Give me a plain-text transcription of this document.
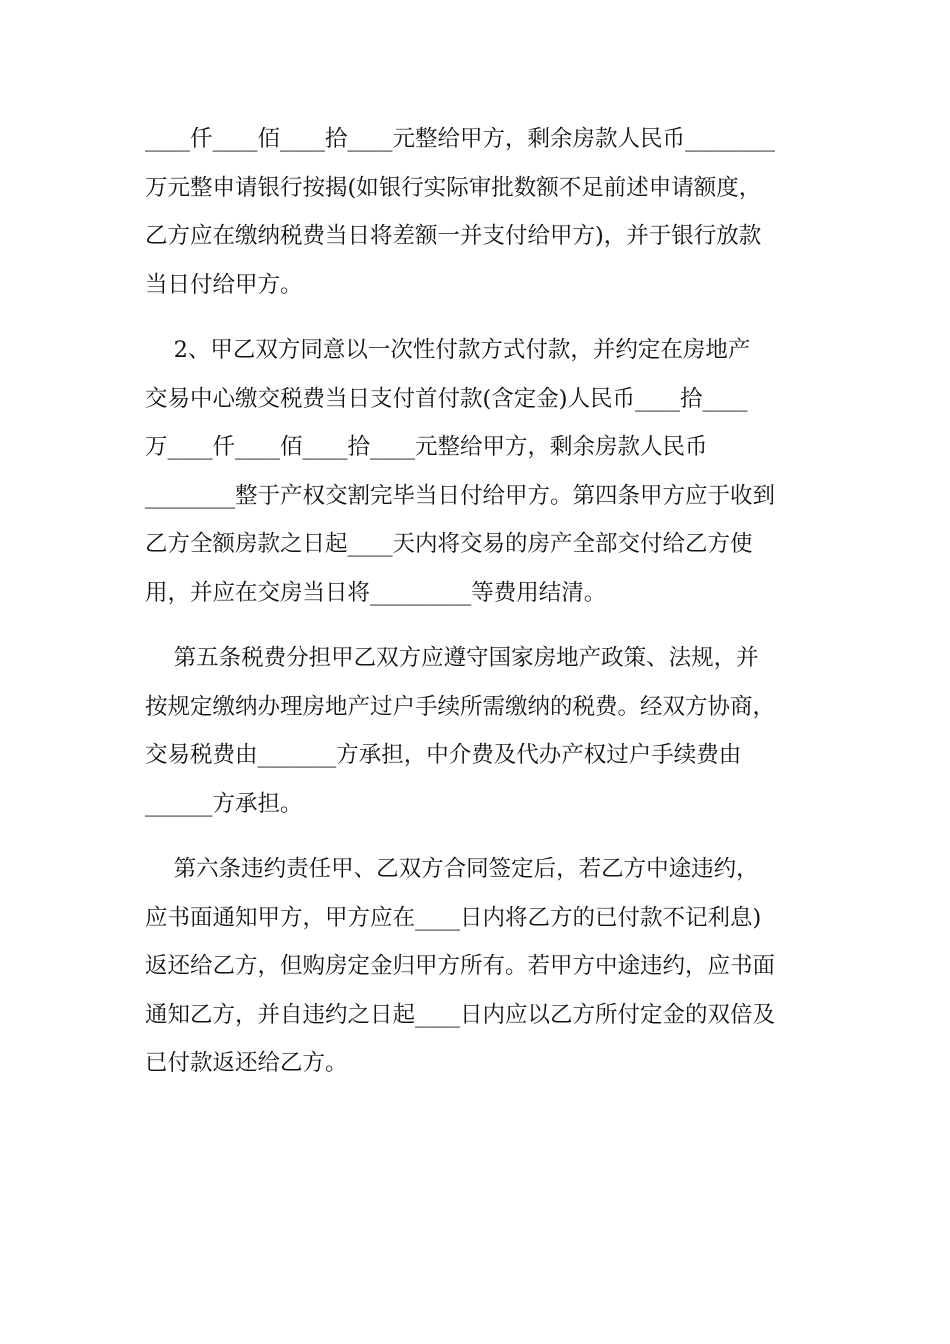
____仟____佰____拾____元整给甲方，剩余房款人民币________
万元整申请银行按揭(如银行实际审批数额不足前述申请额度，
乙方应在缴纳税费当日将差额一并支付给甲方)，并于银行放款
当日付给甲方。
2、甲乙双方同意以一次性付款方式付款，并约定在房地产
交易中心缴交税费当日支付首付款(含定金)人民币____拾____
万____仟____佰____拾____元整给甲方，剩余房款人民币
________整于产权交割完毕当日付给甲方。第四条甲方应于收到
乙方全额房款之日起____天内将交易的房产全部交付给乙方使
用，并应在交房当日将_________等费用结清。
第五条税费分担甲乙双方应遵守国家房地产政策、法规，并
按规定缴纳办理房地产过户手续所需缴纳的税费。经双方协商，
交易税费由_______方承担，中介费及代办产权过户手续费由
______方承担。
第六条违约责任甲、乙双方合同签定后，若乙方中途违约，
应书面通知甲方，甲方应在____日内将乙方的已付款不记利息)
返还给乙方，但购房定金归甲方所有。若甲方中途违约，应书面
通知乙方，并自违约之日起____日内应以乙方所付定金的双倍及
已付款返还给乙方。
